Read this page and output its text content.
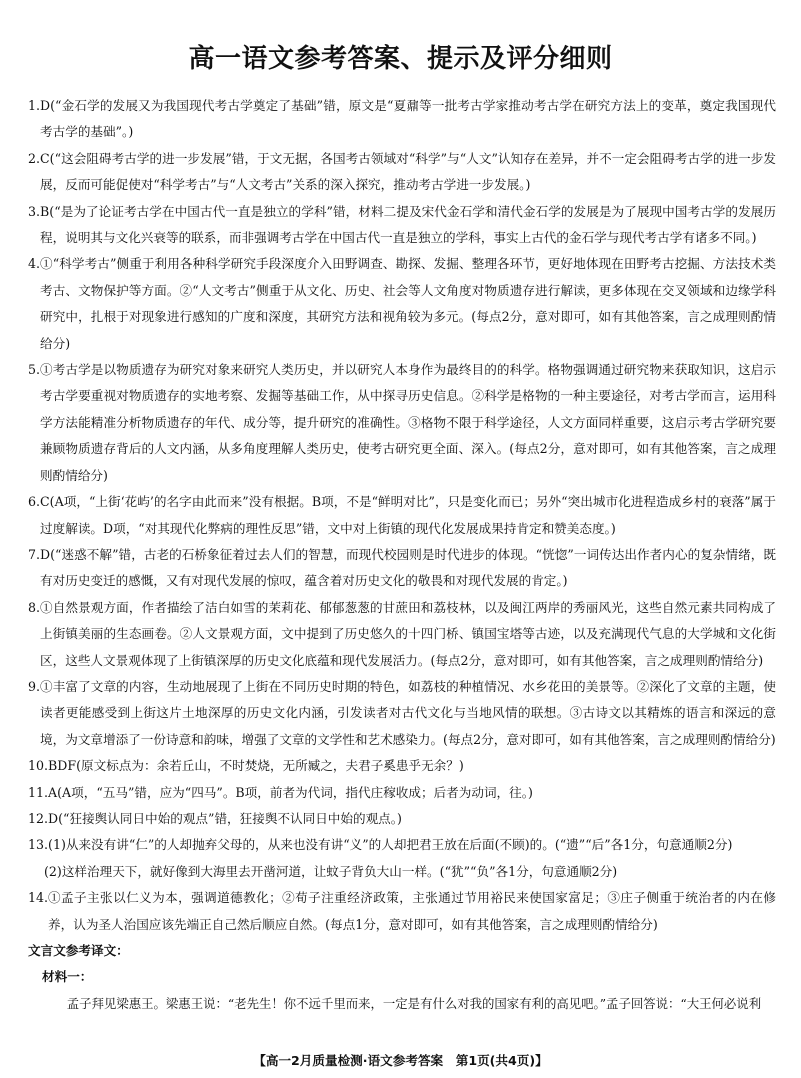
高一语文参考答案、提示及评分细则
1. D(“金石学的发展又为我国现代考古学奠定了基础”错，原文是“夏鼐等一批考古学家推动考古学在研究方法上的变革，奠定我国现代考古学的基础”。)
2. C(“这会阻碍考古学的进一步发展”错，于文无据，各国考古领域对“科学”与“人文”认知存在差异，并不一定会阻碍考古学的进一步发展，反而可能促使对“科学考古”与“人文考古”关系的深入探究，推动考古学进一步发展。)
3. B(“是为了论证考古学在中国古代一直是独立的学科”错，材料二提及宋代金石学和清代金石学的发展是为了展现中国考古学的发展历程，说明其与文化兴衰等的联系，而非强调考古学在中国古代一直是独立的学科，事实上古代的金石学与现代考古学有诸多不同。)
4. ①“科学考古”侧重于利用各种科学研究手段深度介入田野调查、勘探、发掘、整理各环节，更好地体现在田野考古挖掘、方法技术类考古、文物保护等方面。②“人文考古”侧重于从文化、历史、社会等人文角度对物质遗存进行解读，更多体现在交叉领域和边缘学科研究中，扎根于对现象进行感知的广度和深度，其研究方法和视角较为多元。(每点2分，意对即可，如有其他答案，言之成理则酌情给分)
5. ①考古学是以物质遗存为研究对象来研究人类历史，并以研究人本身作为最终目的的科学。格物强调通过研究物来获取知识，这启示考古学要重视对物质遗存的实地考察、发掘等基础工作，从中探寻历史信息。②科学是格物的一种主要途径，对考古学而言，运用科学方法能精准分析物质遗存的年代、成分等，提升研究的准确性。③格物不限于科学途径，人文方面同样重要，这启示考古学研究要兼顾物质遗存背后的人文内涵，从多角度理解人类历史，使考古研究更全面、深入。(每点2分，意对即可，如有其他答案，言之成理则酌情给分)
6. C(A项，“上街‘花屿’的名字由此而来”没有根据。B项，不是“鲜明对比”，只是变化而已；另外“突出城市化进程造成乡村的衰落”属于过度解读。D项，“对其现代化弊病的理性反思”错，文中对上街镇的现代化发展成果持肯定和赞美态度。)
7. D(“迷惑不解”错，古老的石桥象征着过去人们的智慧，而现代校园则是时代进步的体现。“恍惚”一词传达出作者内心的复杂情绪，既有对历史变迁的感慨，又有对现代发展的惊叹，蕴含着对历史文化的敬畏和对现代发展的肯定。)
8. ①自然景观方面，作者描绘了洁白如雪的茉莉花、郁郁葱葱的甘蔗田和荔枝林，以及闽江两岸的秀丽风光，这些自然元素共同构成了上街镇美丽的生态画卷。②人文景观方面，文中提到了历史悠久的十四门桥、镇国宝塔等古迹，以及充满现代气息的大学城和文化街区，这些人文景观体现了上街镇深厚的历史文化底蕴和现代发展活力。(每点2分，意对即可，如有其他答案，言之成理则酌情给分)
9. ①丰富了文章的内容，生动地展现了上街在不同历史时期的特色，如荔枝的种植情况、水乡花田的美景等。②深化了文章的主题，使读者更能感受到上街这片土地深厚的历史文化内涵，引发读者对古代文化与当地风情的联想。③古诗文以其精炼的语言和深远的意境，为文章增添了一份诗意和韵味，增强了文章的文学性和艺术感染力。(每点2分，意对即可，如有其他答案，言之成理则酌情给分)
10. BDF(原文标点为：余若丘山，不时焚烧，无所臧之，夫君子奚患乎无余？)
11. A(A项，“五马”错，应为“四马”。B项，前者为代词，指代庄稼收成；后者为动词，往。)
12. D(“狂接舆认同日中始的观点”错，狂接舆不认同日中始的观点。)
13. (1)从来没有讲“仁”的人却抛弃父母的，从来也没有讲“义”的人却把君王放在后面(不顾)的。(“遗”“后”各1分，句意通顺2分)
(2)这样治理天下，就好像到大海里去开凿河道，让蚊子背负大山一样。(“犹”“负”各1分，句意通顺2分)
14. ①孟子主张以仁义为本，强调道德教化；②荀子注重经济政策，主张通过节用裕民来使国家富足；③庄子侧重于统治者的内在修养，认为圣人治国应该先端正自己然后顺应自然。(每点1分，意对即可，如有其他答案，言之成理则酌情给分)
文言文参考译文：
材料一：
孟子拜见梁惠王。梁惠王说：“老先生！你不远千里而来，一定是有什么对我的国家有利的高见吧。”孟子回答说：“大王何必说利
【高一2月质量检测·语文参考答案　第1页(共4页)】
